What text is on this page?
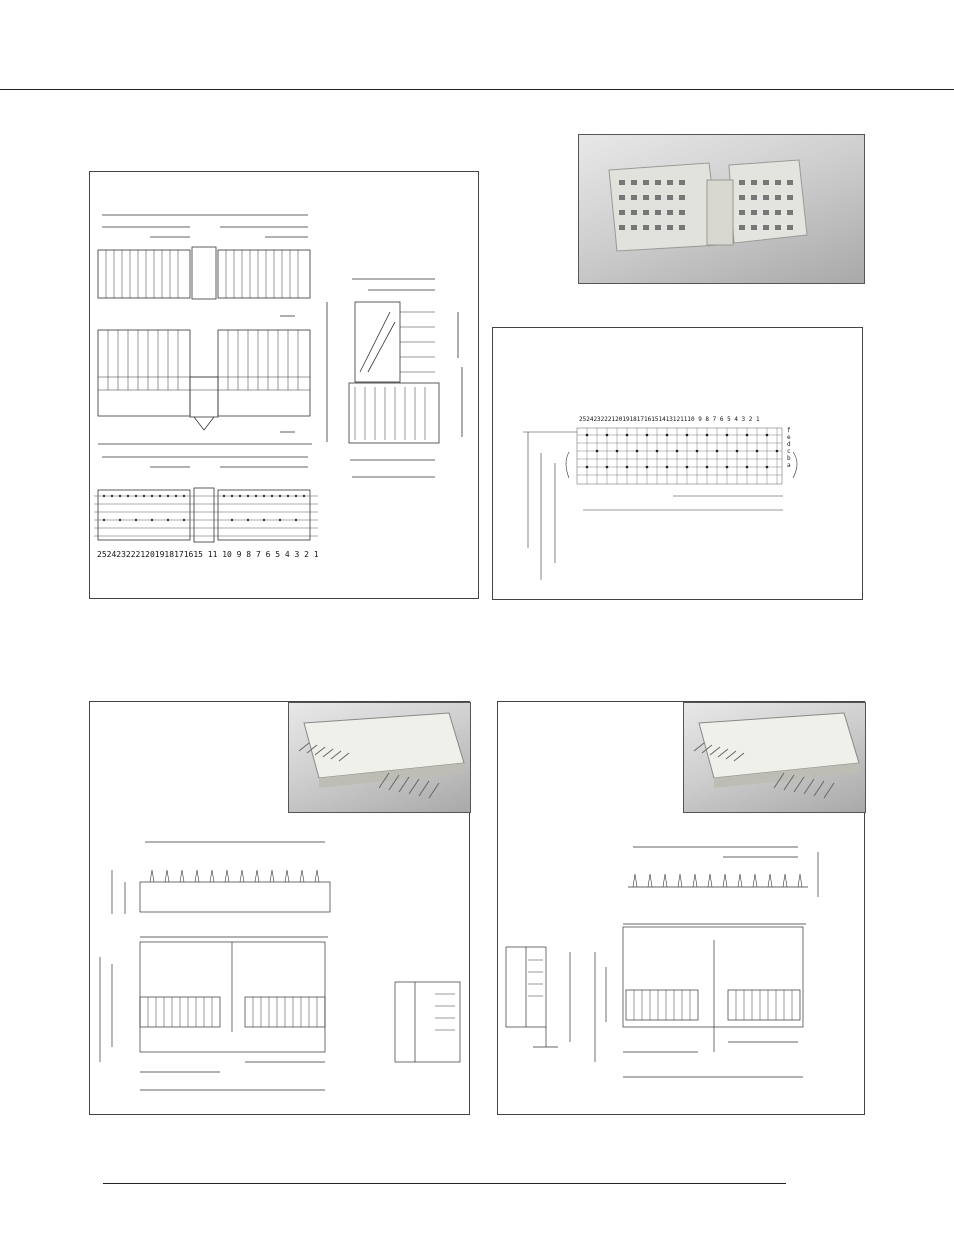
2524232221201918171615 11 10 9 8 7 6 5 4 3 2 1
25242322212019181716151413121110 9 8 7 6 5 4 3 2 1
f
e
d
c
b
a
